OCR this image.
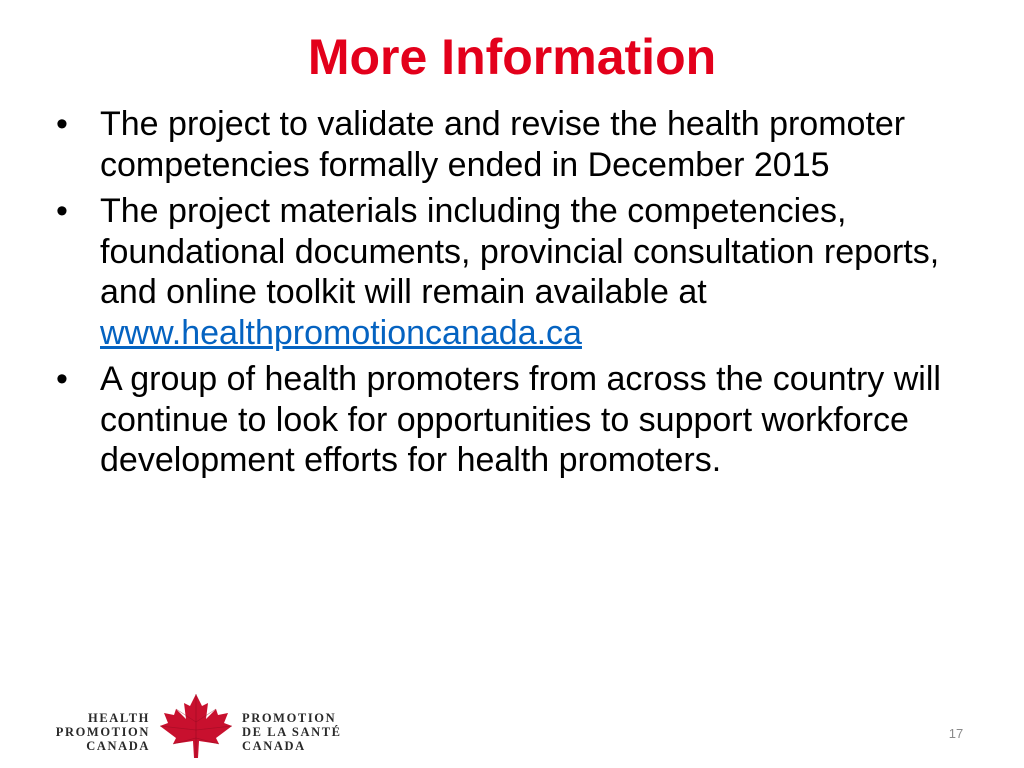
More Information
• The project to validate and revise the health promoter competencies formally ended in December 2015
• The project materials including the competencies, foundational documents, provincial consultation reports, and online toolkit will remain available at
www.healthpromotioncanada.ca
• A group of health promoters from across the country will continue to look for opportunities to support workforce development efforts for health promoters.
HEALTH
PROMOTION
CANADA
PROMOTION
DE LA SANTÉ
CANADA
17
